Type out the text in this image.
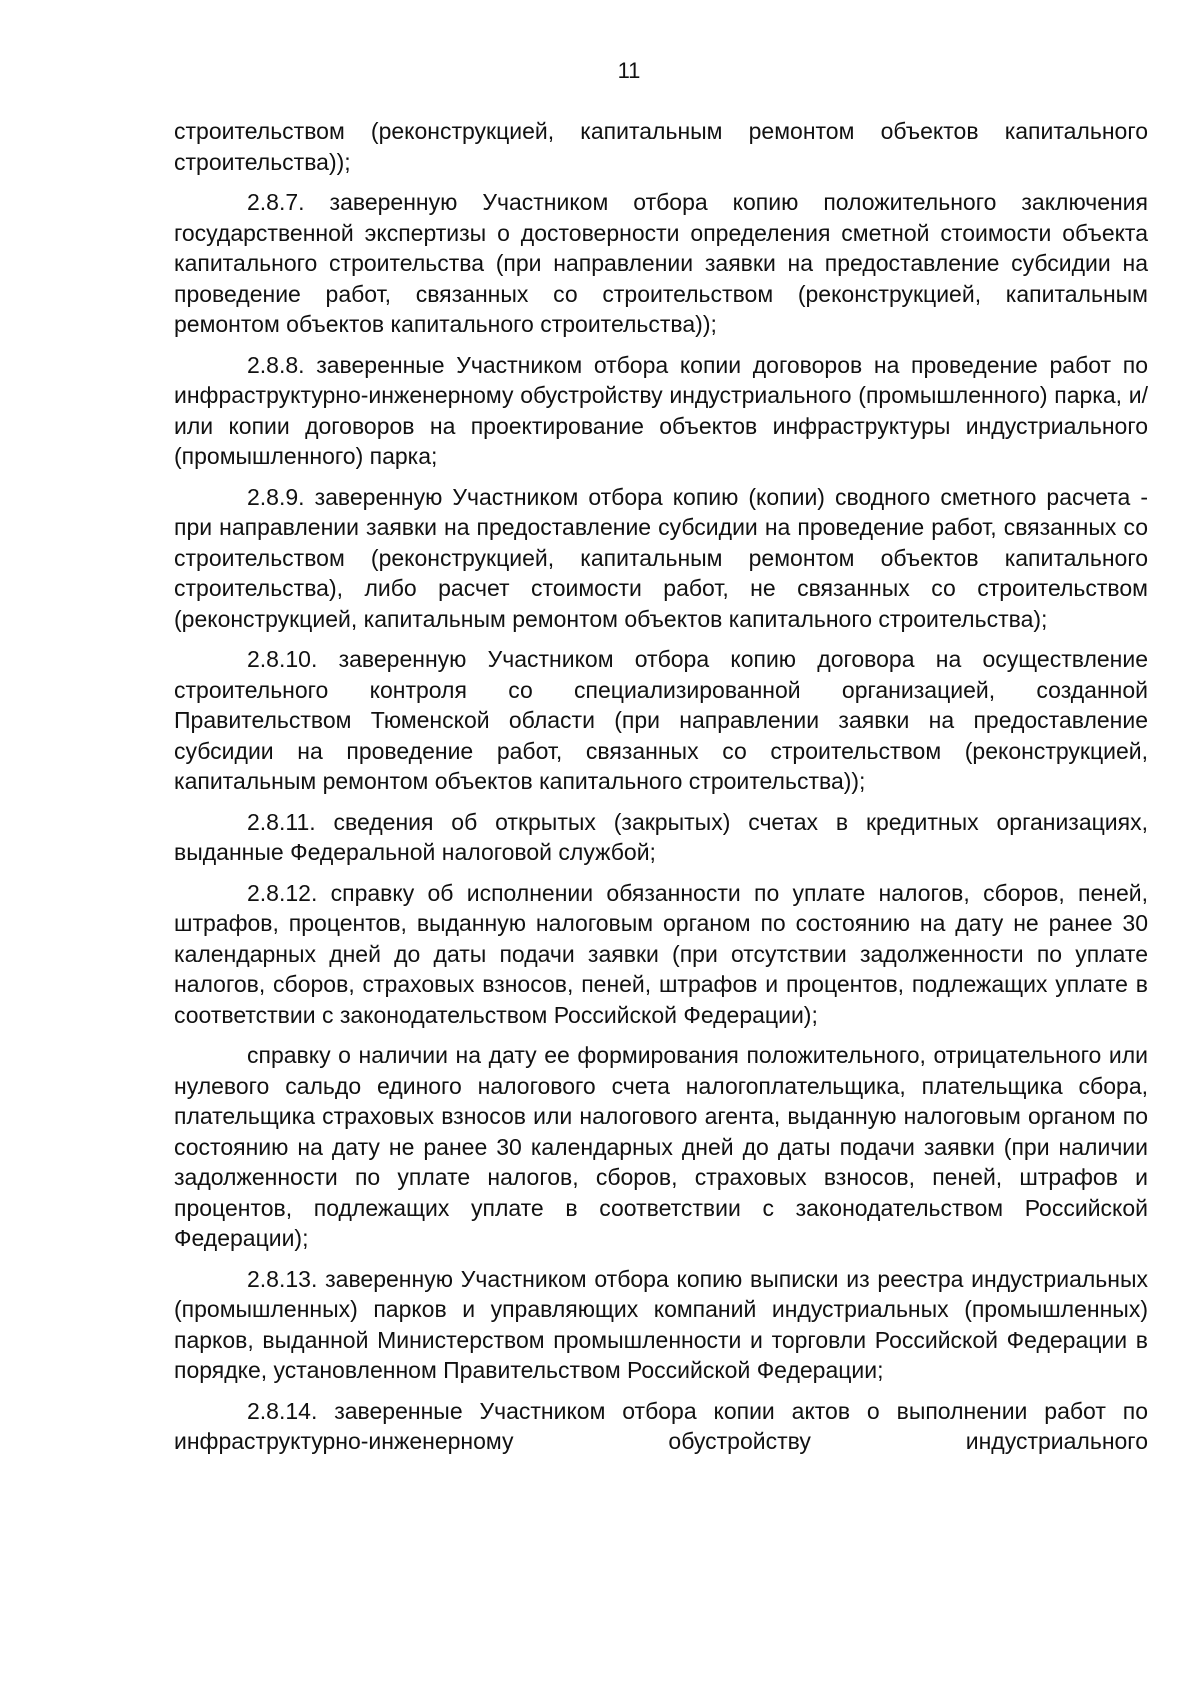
11

строительством (реконструкцией, капитальным ремонтом объектов капитального строительства));

2.8.7. заверенную Участником отбора копию положительного заключения государственной экспертизы о достоверности определения сметной стоимости объекта капитального строительства (при направлении заявки на предоставление субсидии на проведение работ, связанных со строительством (реконструкцией, капитальным ремонтом объектов капитального строительства));

2.8.8. заверенные Участником отбора копии договоров на проведение работ по инфраструктурно-инженерному обустройству индустриального (промышленного) парка, и/или копии договоров на проектирование объектов инфраструктуры индустриального (промышленного) парка;

2.8.9. заверенную Участником отбора копию (копии) сводного сметного расчета - при направлении заявки на предоставление субсидии на проведение работ, связанных со строительством (реконструкцией, капитальным ремонтом объектов капитального строительства), либо расчет стоимости работ, не связанных со строительством (реконструкцией, капитальным ремонтом объектов капитального строительства);

2.8.10. заверенную Участником отбора копию договора на осуществление строительного контроля со специализированной организацией, созданной Правительством Тюменской области (при направлении заявки на предоставление субсидии на проведение работ, связанных со строительством (реконструкцией, капитальным ремонтом объектов капитального строительства));

2.8.11. сведения об открытых (закрытых) счетах в кредитных организациях, выданные Федеральной налоговой службой;

2.8.12. справку об исполнении обязанности по уплате налогов, сборов, пеней, штрафов, процентов, выданную налоговым органом по состоянию на дату не ранее 30 календарных дней до даты подачи заявки (при отсутствии задолженности по уплате налогов, сборов, страховых взносов, пеней, штрафов и процентов, подлежащих уплате в соответствии с законодательством Российской Федерации);

справку о наличии на дату ее формирования положительного, отрицательного или нулевого сальдо единого налогового счета налогоплательщика, плательщика сбора, плательщика страховых взносов или налогового агента, выданную налоговым органом по состоянию на дату не ранее 30 календарных дней до даты подачи заявки (при наличии задолженности по уплате налогов, сборов, страховых взносов, пеней, штрафов и процентов, подлежащих уплате в соответствии с законодательством Российской Федерации);

2.8.13. заверенную Участником отбора копию выписки из реестра индустриальных (промышленных) парков и управляющих компаний индустриальных (промышленных) парков, выданной Министерством промышленности и торговли Российской Федерации в порядке, установленном Правительством Российской Федерации;

2.8.14. заверенные Участником отбора копии актов о выполнении работ по инфраструктурно-инженерному обустройству индустриального
